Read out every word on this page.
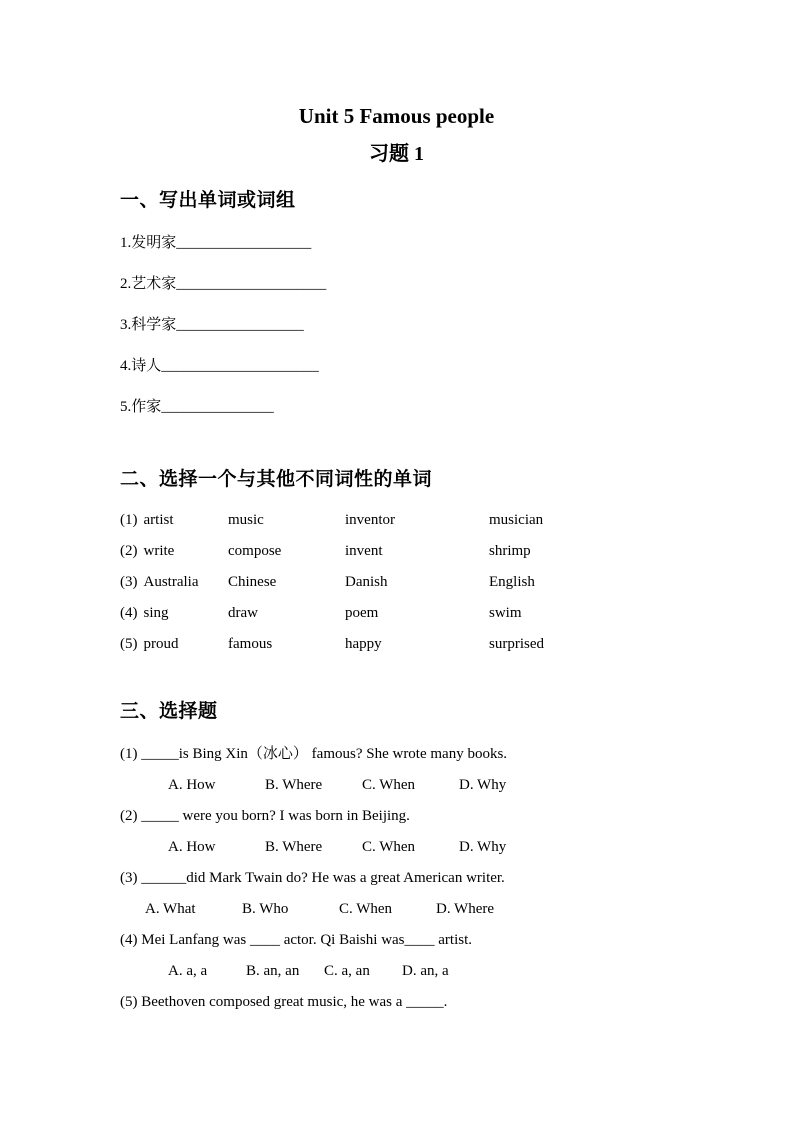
Unit 5 Famous people
习题 1
一、写出单词或词组
1.发明家__________________
2.艺术家____________________
3.科学家_________________
4.诗人_____________________
5.作家_______________
二、选择一个与其他不同词性的单词
(1) artist	music	inventor	musician
(2) write	compose	invent	shrimp
(3) Australia	Chinese	Danish	English
(4) sing	draw	poem	swim
(5) proud	famous	happy	surprised
三、选择题
(1) _____is Bing Xin（冰心） famous? She wrote many books.
A. How	B. Where	C. When	D. Why
(2) _____ were you born? I was born in Beijing.
A. How	B. Where	C. When	D. Why
(3) ______did Mark Twain do? He was a great American writer.
A. What	B. Who	C. When	D. Where
(4) Mei Lanfang was ____ actor. Qi Baishi was____ artist.
A. a, a	B. an, an	C. a, an	D. an, a
(5) Beethoven composed great music, he was a _____.
